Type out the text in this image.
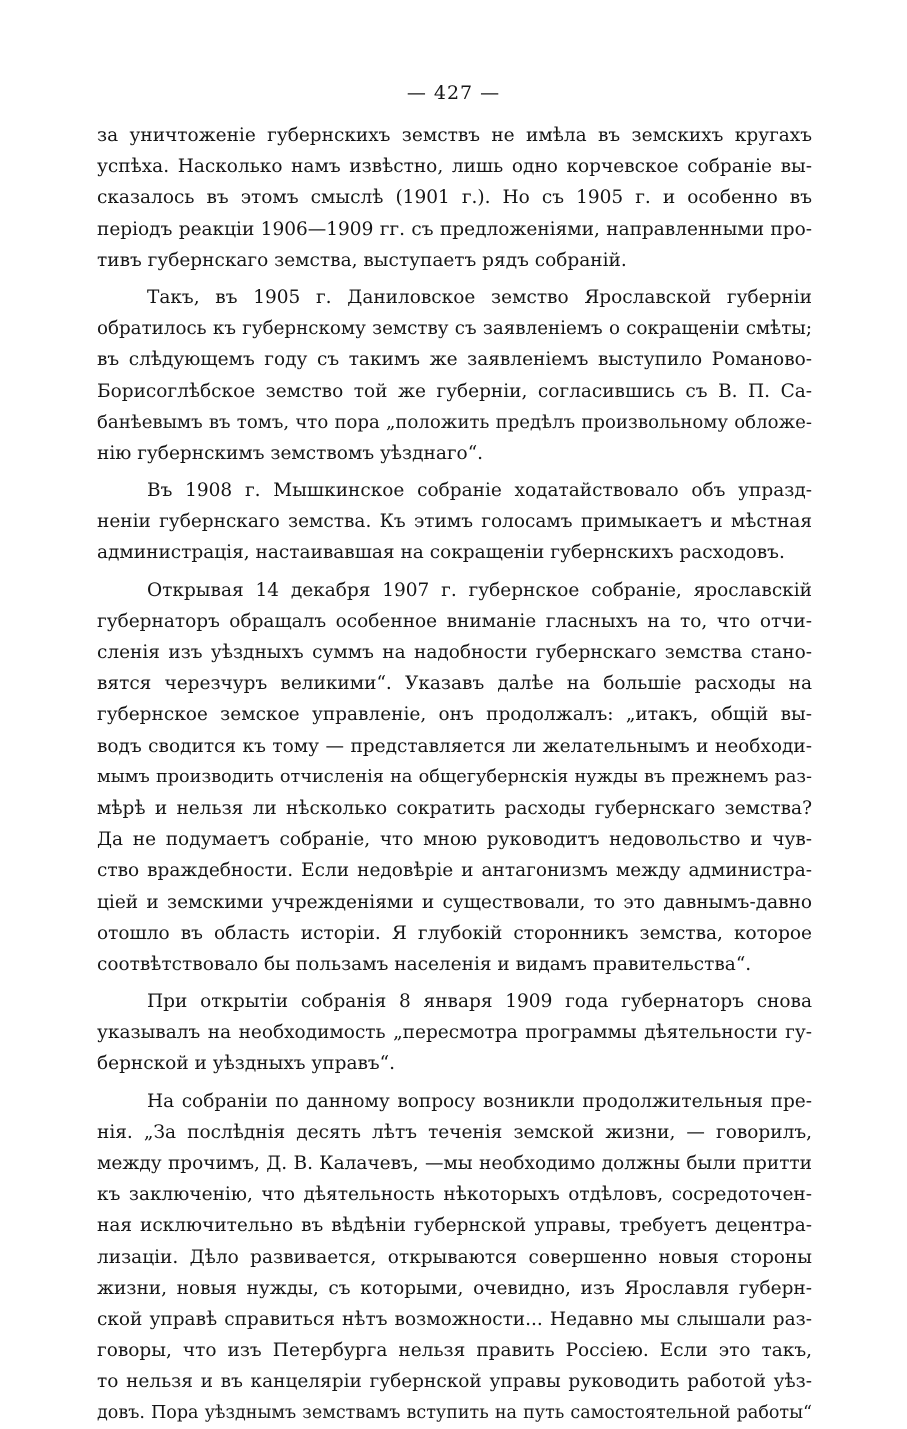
— 427 —
за уничтоженіе губернскихъ земствъ не имѣла въ земскихъ кругахъ
успѣха. Насколько намъ извѣстно, лишь одно корчевское собраніе вы-
сказалось въ этомъ смыслѣ (1901 г.). Но съ 1905 г. и особенно въ
періодъ реакціи 1906—1909 гг. съ предложеніями, направленными про-
тивъ губернскаго земства, выступаетъ рядъ собраній.
Такъ, въ 1905 г. Даниловское земство Ярославской губерніи
обратилось къ губернскому земству съ заявленіемъ о сокращеніи смѣты;
въ слѣдующемъ году съ такимъ же заявленіемъ выступило Романово-
Борисоглѣбское земство той же губерніи, согласившись съ В. П. Са-
банѣевымъ въ томъ, что пора „положить предѣлъ произвольному обложе-
нію губернскимъ земствомъ уѣзднаго“.
Въ 1908 г. Мышкинское собраніе ходатайствовало объ упразд-
неніи губернскаго земства. Къ этимъ голосамъ примыкаетъ и мѣстная
администрація, настаивавшая на сокращеніи губернскихъ расходовъ.
Открывая 14 декабря 1907 г. губернское собраніе, ярославскій
губернаторъ обращалъ особенное вниманіе гласныхъ на то, что отчи-
сленія изъ уѣздныхъ суммъ на надобности губернскаго земства стано-
вятся черезчуръ великими“. Указавъ далѣе на большіе расходы на
губернское земское управленіе, онъ продолжалъ: „итакъ, общій вы-
водъ сводится къ тому — представляется ли желательнымъ и необходи-
мымъ производить отчисленія на общегубернскія нужды въ прежнемъ раз-
мѣрѣ и нельзя ли нѣсколько сократить расходы губернскаго земства?
Да не подумаетъ собраніе, что мною руководитъ недовольство и чув-
ство враждебности. Если недовѣріе и антагонизмъ между администра-
ціей и земскими учрежденіями и существовали, то это давнымъ-давно
отошло въ область исторіи. Я глубокій сторонникъ земства, которое
соотвѣтствовало бы пользамъ населенія и видамъ правительства“.
При открытіи собранія 8 января 1909 года губернаторъ снова
указывалъ на необходимость „пересмотра программы дѣятельности гу-
бернской и уѣздныхъ управъ“.
На собраніи по данному вопросу возникли продолжительныя пре-
нія. „За послѣднія десять лѣтъ теченія земской жизни, — говорилъ,
между прочимъ, Д. В. Калачевъ, —мы необходимо должны были притти
къ заключенію, что дѣятельность нѣкоторыхъ отдѣловъ, сосредоточен-
ная исключительно въ вѣдѣніи губернской управы, требуетъ децентра-
лизаціи. Дѣло развивается, открываются совершенно новыя стороны
жизни, новыя нужды, съ которыми, очевидно, изъ Ярославля губерн-
ской управѣ справиться нѣтъ возможности... Недавно мы слышали раз-
говоры, что изъ Петербурга нельзя править Россіею. Если это такъ,
то нельзя и въ канцеляріи губернской управы руководить работой уѣз-
довъ. Пора уѣзднымъ земствамъ вступить на путь самостоятельной работы“
